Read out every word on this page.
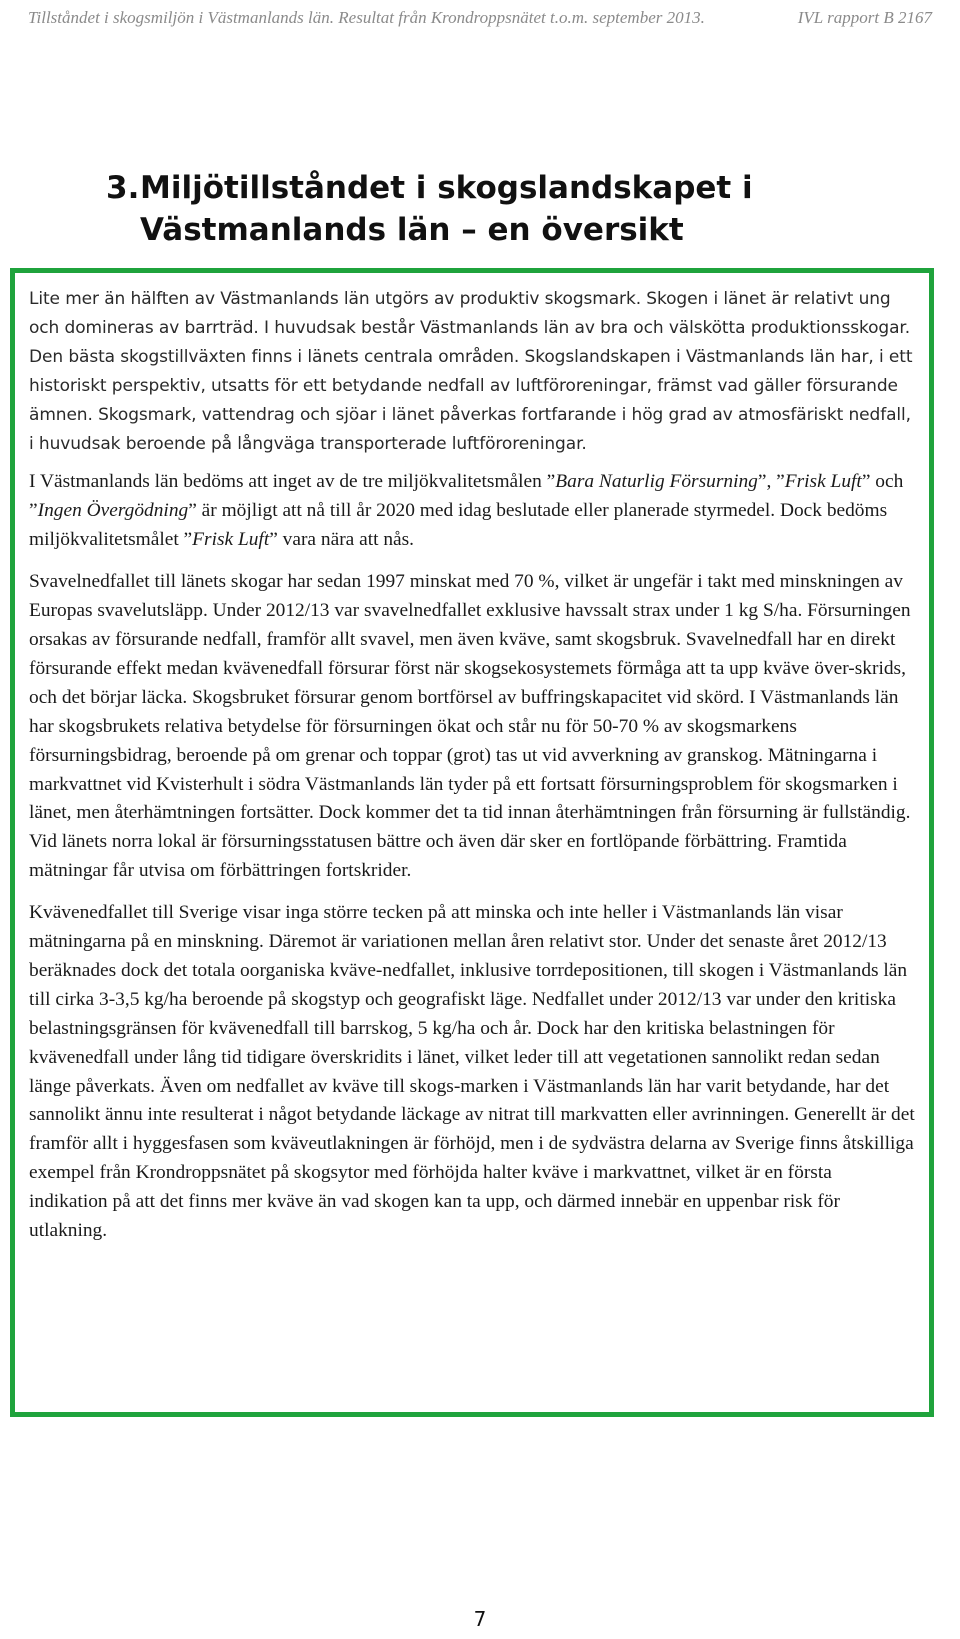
Tillståndet i skogsmiljön i Västmanlands län. Resultat från Krondroppsnätet t.o.m. september 2013.	IVL rapport B 2167
3. Miljötillståndet i skogslandskapet i Västmanlands län – en översikt

Lite mer än hälften av Västmanlands län utgörs av produktiv skogsmark. Skogen i länet är relativt ung och domineras av barrträd. I huvudsak består Västmanlands län av bra och välskötta produktionsskogar. Den bästa skogstillväxten finns i länets centrala områden. Skogslandskapen i Västmanlands län har, i ett historiskt perspektiv, utsatts för ett betydande nedfall av luftföroreningar, främst vad gäller försurande ämnen. Skogsmark, vattendrag och sjöar i länet påverkas fortfarande i hög grad av atmosfäriskt nedfall, i huvudsak beroende på långväga transporterade luftföroreningar.

I Västmanlands län bedöms att inget av de tre miljökvalitetsmålen ”Bara Naturlig Försurning”, ”Frisk Luft” och ”Ingen Övergödning” är möjligt att nå till år 2020 med idag beslutade eller planerade styrmedel. Dock bedöms miljökvalitetsmålet ”Frisk Luft” vara nära att nås.

Svavelnedfallet till länets skogar har sedan 1997 minskat med 70 %, vilket är ungefär i takt med minskningen av Europas svavelutsläpp. Under 2012/13 var svavelnedfallet exklusive havssalt strax under 1 kg S/ha. Försurningen orsakas av försurande nedfall, framför allt svavel, men även kväve, samt skogsbruk. Svavelnedfall har en direkt försurande effekt medan kvävenedfall försurar först när skogsekosystemets förmåga att ta upp kväve över-skrids, och det börjar läcka. Skogsbruket försurar genom bortförsel av buffringskapacitet vid skörd. I Västmanlands län har skogsbrukets relativa betydelse för försurningen ökat och står nu för 50-70 % av skogsmarkens försurningsbidrag, beroende på om grenar och toppar (grot) tas ut vid avverkning av granskog. Mätningarna i markvattnet vid Kvisterhult i södra Västmanlands län tyder på ett fortsatt försurningsproblem för skogsmarken i länet, men återhämtningen fortsätter. Dock kommer det ta tid innan återhämtningen från försurning är fullständig. Vid länets norra lokal är försurningsstatusen bättre och även där sker en fortlöpande förbättring. Framtida mätningar får utvisa om förbättringen fortskrider.

Kvävenedfallet till Sverige visar inga större tecken på att minska och inte heller i Västmanlands län visar mätningarna på en minskning. Däremot är variationen mellan åren relativt stor. Under det senaste året 2012/13 beräknades dock det totala oorganiska kväve-nedfallet, inklusive torrdepositionen, till skogen i Västmanlands län till cirka 3-3,5 kg/ha beroende på skogstyp och geografiskt läge. Nedfallet under 2012/13 var under den kritiska belastningsgränsen för kvävenedfall till barrskog, 5 kg/ha och år. Dock har den kritiska belastningen för kvävenedfall under lång tid tidigare överskridits i länet, vilket leder till att vegetationen sannolikt redan sedan länge påverkats. Även om nedfallet av kväve till skogs-marken i Västmanlands län har varit betydande, har det sannolikt ännu inte resulterat i något betydande läckage av nitrat till markvatten eller avrinningen. Generellt är det framför allt i hyggesfasen som kväveutlakningen är förhöjd, men i de sydvästra delarna av Sverige finns åtskilliga exempel från Krondroppsnätet på skogsytor med förhöjda halter kväve i markvattnet, vilket är en första indikation på att det finns mer kväve än vad skogen kan ta upp, och därmed innebär en uppenbar risk för utlakning.

7
